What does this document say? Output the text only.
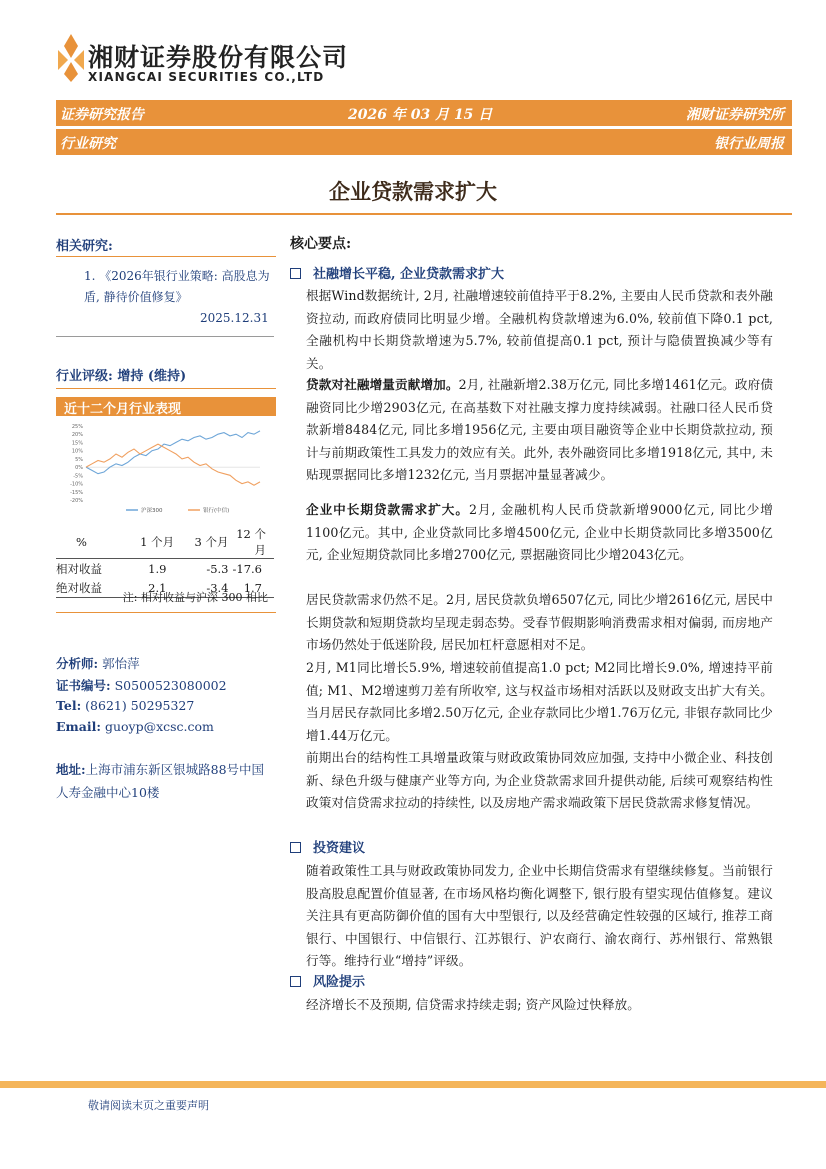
湘财证券股份有限公司
XIANGCAI SECURITIES CO.,LTD
证券研究报告	2026 年 03 月 15 日	湘财证券研究所
行业研究	银行业周报
企业贷款需求扩大
相关研究:
1. 《2026年银行业策略: 高股息为盾, 静待价值修复》
2025.12.31
行业评级: 增持 (维持)
近十二个月行业表现
25%
20%
15%
10%
5%
0%
-5%
-10%
-15%
-20%
沪深300	银行(中信)
%	1 个月	3 个月	12 个月
相对收益	1.9	-5.3	-17.6
绝对收益	2.1	-3.4	1.7
注: 相对收益与沪深 300 相比
分析师: 郭怡萍
证书编号: S0500523080002
Tel: (8621) 50295327
Email: guoyp@xcsc.com
地址:上海市浦东新区银城路88号中国人寿金融中心10楼
核心要点:
社融增长平稳, 企业贷款需求扩大
根据Wind数据统计, 2月, 社融增速较前值持平于8.2%, 主要由人民币贷款和表外融资拉动, 而政府债同比明显少增。全融机构贷款增速为6.0%, 较前值下降0.1 pct, 全融机构中长期贷款增速为5.7%, 较前值提高0.1 pct, 预计与隐债置换减少等有关。
贷款对社融增量贡献增加。2月, 社融新增2.38万亿元, 同比多增1461亿元。政府债融资同比少增2903亿元, 在高基数下对社融支撑力度持续减弱。社融口径人民币贷款新增8484亿元, 同比多增1956亿元, 主要由项目融资等企业中长期贷款拉动, 预计与前期政策性工具发力的效应有关。此外, 表外融资同比多增1918亿元, 其中, 未贴现票据同比多增1232亿元, 当月票据冲量显著减少。
企业中长期贷款需求扩大。2月, 金融机构人民币贷款新增9000亿元, 同比少增1100亿元。其中, 企业贷款同比多增4500亿元, 企业中长期贷款同比多增3500亿元, 企业短期贷款同比多增2700亿元, 票据融资同比少增2043亿元。
居民贷款需求仍然不足。2月, 居民贷款负增6507亿元, 同比少增2616亿元, 居民中长期贷款和短期贷款均呈现走弱态势。受春节假期影响消费需求相对偏弱, 而房地产市场仍然处于低迷阶段, 居民加杠杆意愿相对不足。
2月, M1同比增长5.9%, 增速较前值提高1.0 pct; M2同比增长9.0%, 增速持平前值; M1、M2增速剪刀差有所收窄, 这与权益市场相对活跃以及财政支出扩大有关。当月居民存款同比多增2.50万亿元, 企业存款同比少增1.76万亿元, 非银存款同比少增1.44万亿元。
前期出台的结构性工具增量政策与财政政策协同效应加强, 支持中小微企业、科技创新、绿色升级与健康产业等方向, 为企业贷款需求回升提供动能, 后续可观察结构性政策对信贷需求拉动的持续性, 以及房地产需求端政策下居民贷款需求修复情况。
投资建议
随着政策性工具与财政政策协同发力, 企业中长期信贷需求有望继续修复。当前银行股高股息配置价值显著, 在市场风格均衡化调整下, 银行股有望实现估值修复。建议关注具有更高防御价值的国有大中型银行, 以及经营确定性较强的区域行, 推荐工商银行、中国银行、中信银行、江苏银行、沪农商行、渝农商行、苏州银行、常熟银行等。维持行业“增持”评级。
风险提示
经济增长不及预期, 信贷需求持续走弱; 资产风险过快释放。
敬请阅读末页之重要声明
